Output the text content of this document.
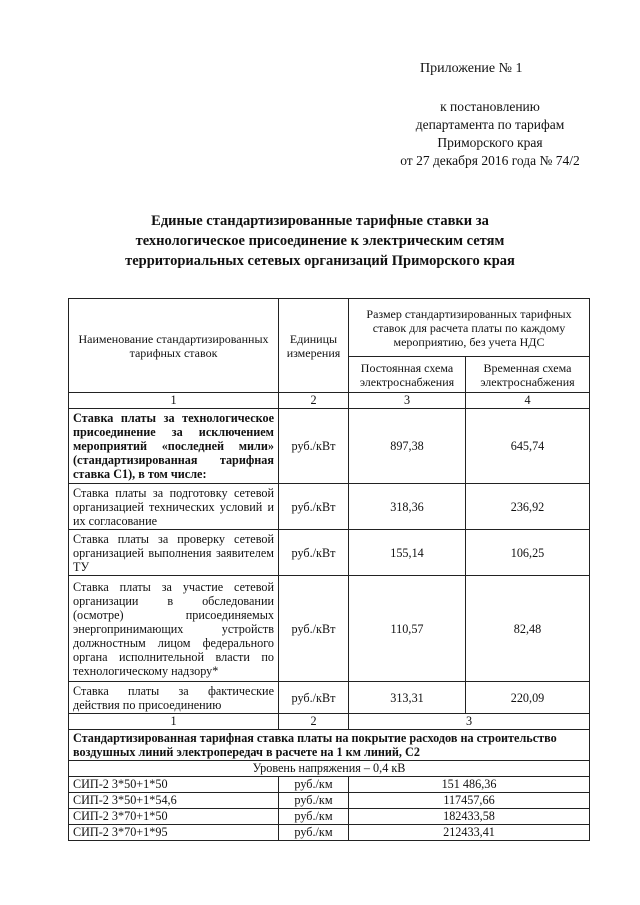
Приложение № 1
к постановлению
департамента по тарифам
Приморского края
от 27 декабря 2016 года № 74/2
Единые стандартизированные тарифные ставки за
технологическое присоединение к электрическим сетям
территориальных сетевых организаций Приморского края
Наименование стандартизированных тарифных ставок	Единицы измерения	Размер стандартизированных тарифных ставок для расчета платы по каждому мероприятию, без учета НДС	
		Постоянная схема электроснабжения	Временная схема электроснабжения
1	2	3	4
Ставка платы за технологическое присоединение за исключением мероприятий «последней мили» (стандартизированная тарифная ставка С1), в том числе:	руб./кВт	897,38	645,74
Ставка платы за подготовку сетевой организацией технических условий и их согласование	руб./кВт	318,36	236,92
Ставка платы за проверку сетевой организацией выполнения заявителем ТУ	руб./кВт	155,14	106,25
Ставка платы за участие сетевой организации в обследовании (осмотре) присоединяемых энергопринимающих устройств должностным лицом федерального органа исполнительной власти по технологическому надзору*	руб./кВт	110,57	82,48
Ставка платы за фактические действия по присоединению	руб./кВт	313,31	220,09
1	2	3	
Стандартизированная тарифная ставка платы на покрытие расходов на строительство воздушных линий электропередач в расчете на 1 км линий, С2			
Уровень напряжения – 0,4 кВ			
СИП-2 3*50+1*50	руб./км	151 486,36	
СИП-2 3*50+1*54,6	руб./км	117457,66	
СИП-2 3*70+1*50	руб./км	182433,58	
СИП-2 3*70+1*95	руб./км	212433,41	
